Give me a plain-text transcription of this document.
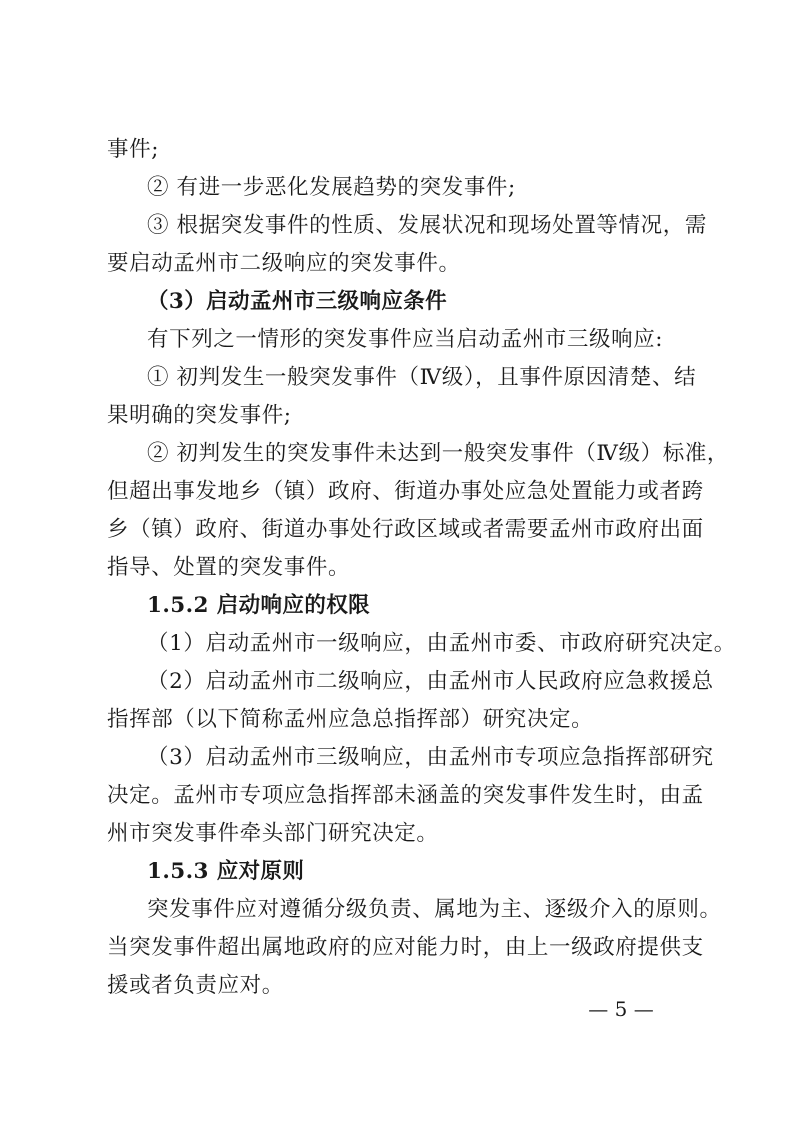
事件;
② 有进一步恶化发展趋势的突发事件;
③ 根据突发事件的性质、发展状况和现场处置等情况，需
要启动孟州市二级响应的突发事件。
（3）启动孟州市三级响应条件
有下列之一情形的突发事件应当启动孟州市三级响应:
① 初判发生一般突发事件（Ⅳ级），且事件原因清楚、结
果明确的突发事件;
② 初判发生的突发事件未达到一般突发事件（Ⅳ级）标准，
但超出事发地乡（镇）政府、街道办事处应急处置能力或者跨
乡（镇）政府、街道办事处行政区域或者需要孟州市政府出面
指导、处置的突发事件。
1.5.2 启动响应的权限
（1）启动孟州市一级响应，由孟州市委、市政府研究决定。
（2）启动孟州市二级响应，由孟州市人民政府应急救援总
指挥部（以下简称孟州应急总指挥部）研究决定。
（3）启动孟州市三级响应，由孟州市专项应急指挥部研究
决定。孟州市专项应急指挥部未涵盖的突发事件发生时，由孟
州市突发事件牵头部门研究决定。
1.5.3 应对原则
突发事件应对遵循分级负责、属地为主、逐级介入的原则。
当突发事件超出属地政府的应对能力时，由上一级政府提供支
援或者负责应对。
— 5 —
